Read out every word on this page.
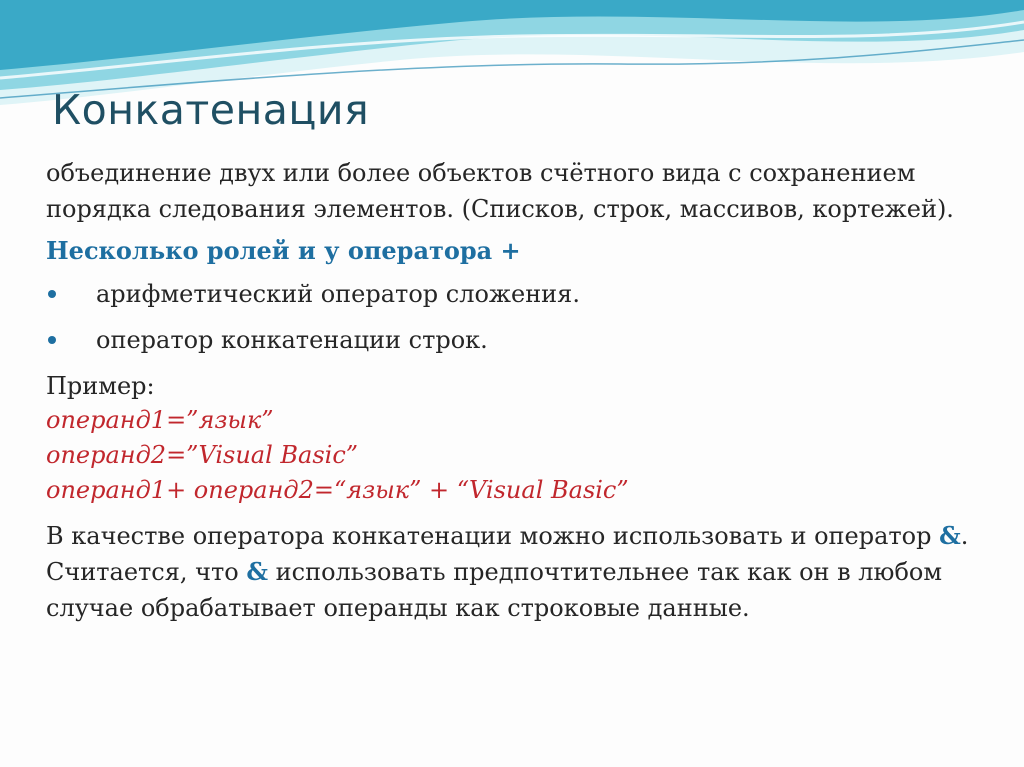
Конкатенация

объединение двух или более объектов счётного вида с сохранением порядка следования элементов. (Списков, строк, массивов, кортежей).

Несколько ролей и у оператора +

арифметический оператор сложения.
оператор конкатенации строк.

Пример:

операнд1=”язык”

операнд2=”Visual Basic”

операнд1+ операнд2=“язык” + “Visual Basic”

В качестве оператора конкатенации можно использовать и оператор &. Считается, что & использовать предпочтительнее так как он в любом случае обрабатывает операнды как строковые данные.
